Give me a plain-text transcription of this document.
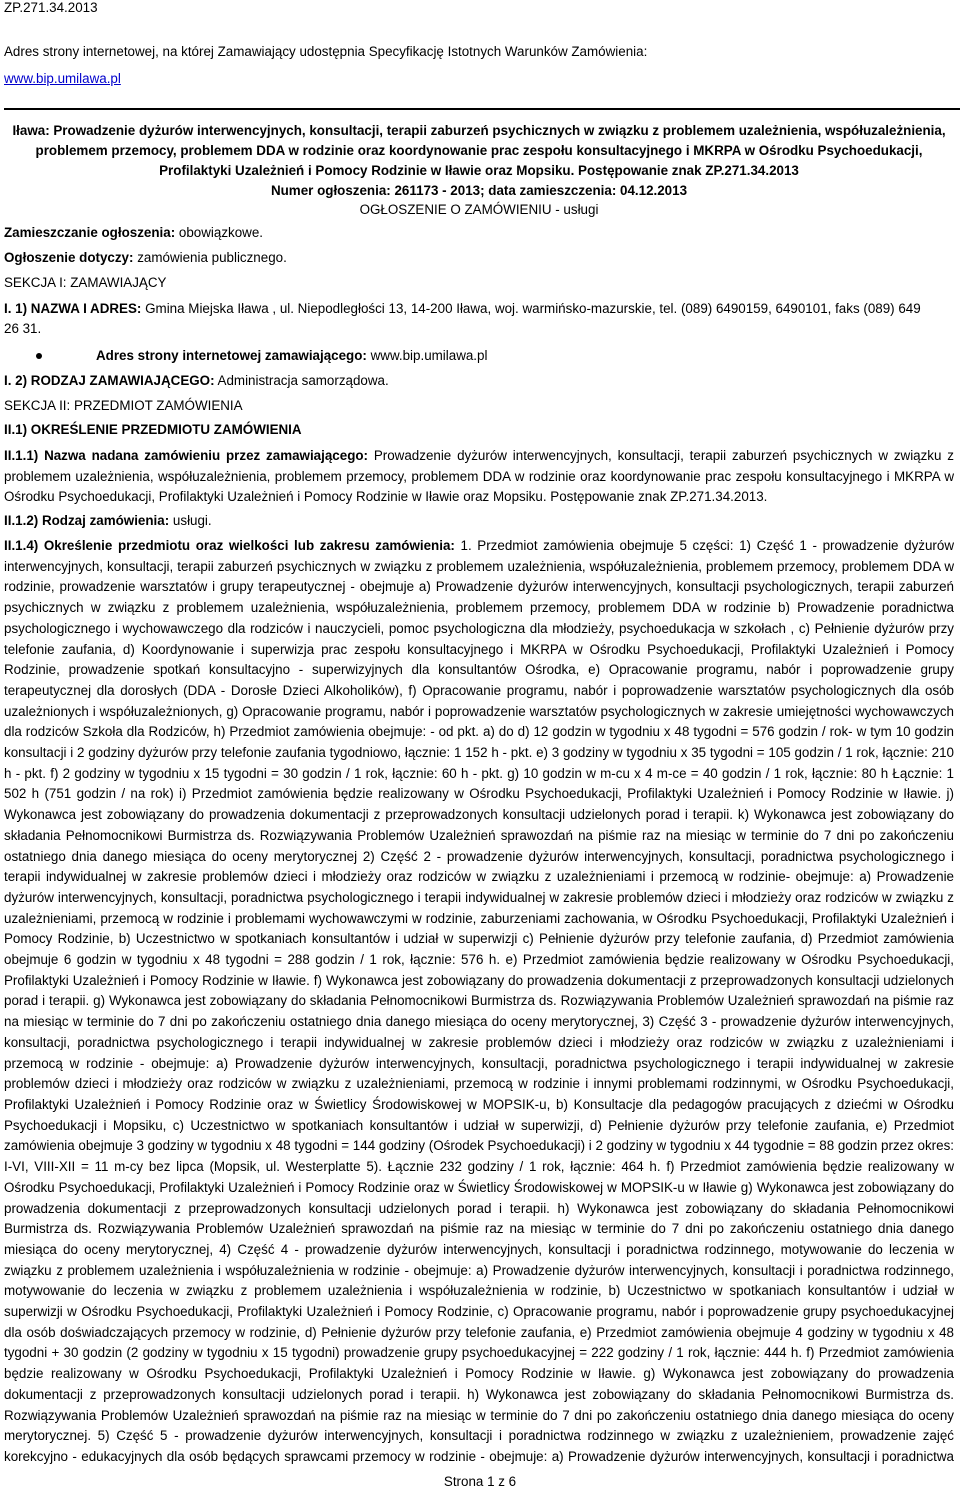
ZP.271.34.2013
Adres strony internetowej, na której Zamawiający udostępnia Specyfikację Istotnych Warunków Zamówienia:
www.bip.umilawa.pl
Iława: Prowadzenie dyżurów interwencyjnych, konsultacji, terapii zaburzeń psychicznych w związku z problemem uzależnienia, współuzależnienia, problemem przemocy, problemem DDA w rodzinie oraz koordynowanie prac zespołu konsultacyjnego i MKRPA w Ośrodku Psychoedukacji, Profilaktyki Uzależnień i Pomocy Rodzinie w Iławie oraz Mopsiku. Postępowanie znak ZP.271.34.2013
Numer ogłoszenia: 261173 - 2013; data zamieszczenia: 04.12.2013
OGŁOSZENIE O ZAMÓWIENIU - usługi
Zamieszczanie ogłoszenia: obowiązkowe.
Ogłoszenie dotyczy: zamówienia publicznego.
SEKCJA I: ZAMAWIAJĄCY
I. 1) NAZWA I ADRES: Gmina Miejska Iława , ul. Niepodległości 13, 14-200 Iława, woj. warmińsko-mazurskie, tel. (089) 6490159, 6490101, faks (089) 649
26 31.
Adres strony internetowej zamawiającego: www.bip.umilawa.pl
I. 2) RODZAJ ZAMAWIAJĄCEGO: Administracja samorządowa.
SEKCJA II: PRZEDMIOT ZAMÓWIENIA
II.1) OKREŚLENIE PRZEDMIOTU ZAMÓWIENIA
II.1.1) Nazwa nadana zamówieniu przez zamawiającego: Prowadzenie dyżurów interwencyjnych, konsultacji, terapii zaburzeń psychicznych w związku z problemem uzależnienia, współuzależnienia, problemem przemocy, problemem DDA w rodzinie oraz koordynowanie prac zespołu konsultacyjnego i MKRPA w Ośrodku Psychoedukacji, Profilaktyki Uzależnień i Pomocy Rodzinie w Iławie oraz Mopsiku. Postępowanie znak ZP.271.34.2013.
II.1.2) Rodzaj zamówienia: usługi.
II.1.4) Określenie przedmiotu oraz wielkości lub zakresu zamówienia: 1. Przedmiot zamówienia obejmuje 5 części: 1) Część 1 - prowadzenie dyżurów interwencyjnych, konsultacji, terapii zaburzeń psychicznych w związku z problemem uzależnienia, współuzależnienia, problemem przemocy, problemem DDA w rodzinie, prowadzenie warsztatów i grupy terapeutycznej - obejmuje a) Prowadzenie dyżurów interwencyjnych, konsultacji psychologicznych, terapii zaburzeń psychicznych w związku z problemem uzależnienia, współuzależnienia, problemem przemocy, problemem DDA w rodzinie b) Prowadzenie poradnictwa psychologicznego i wychowawczego dla rodziców i nauczycieli, pomoc psychologiczna dla młodzieży, psychoedukacja w szkołach , c) Pełnienie dyżurów przy telefonie zaufania, d) Koordynowanie i superwizja prac zespołu konsultacyjnego i MKRPA w Ośrodku Psychoedukacji, Profilaktyki Uzależnień i Pomocy Rodzinie, prowadzenie spotkań konsultacyjno - superwizyjnych dla konsultantów Ośrodka, e) Opracowanie programu, nabór i poprowadzenie grupy terapeutycznej dla dorosłych (DDA - Dorosłe Dzieci Alkoholików), f) Opracowanie programu, nabór i poprowadzenie warsztatów psychologicznych dla osób uzależnionych i współuzależnionych, g) Opracowanie programu, nabór i poprowadzenie warsztatów psychologicznych w zakresie umiejętności wychowawczych dla rodziców Szkoła dla Rodziców, h) Przedmiot zamówienia obejmuje: - od pkt. a) do d) 12 godzin w tygodniu x 48 tygodni = 576 godzin / rok- w tym 10 godzin konsultacji i 2 godziny dyżurów przy telefonie zaufania tygodniowo, łącznie: 1 152 h - pkt. e) 3 godziny w tygodniu x 35 tygodni = 105 godzin / 1 rok, łącznie: 210 h - pkt. f) 2 godziny w tygodniu x 15 tygodni = 30 godzin / 1 rok, łącznie: 60 h - pkt. g) 10 godzin w m-cu x 4 m-ce = 40 godzin / 1 rok, łącznie: 80 h Łącznie: 1 502 h (751 godzin / na rok) i) Przedmiot zamówienia będzie realizowany w Ośrodku Psychoedukacji, Profilaktyki Uzależnień i Pomocy Rodzinie w Iławie. j) Wykonawca jest zobowiązany do prowadzenia dokumentacji z przeprowadzonych konsultacji udzielonych porad i terapii. k) Wykonawca jest zobowiązany do składania Pełnomocnikowi Burmistrza ds. Rozwiązywania Problemów Uzależnień sprawozdań na piśmie raz na miesiąc w terminie do 7 dni po zakończeniu ostatniego dnia danego miesiąca do oceny merytorycznej 2) Część 2 - prowadzenie dyżurów interwencyjnych, konsultacji, poradnictwa psychologicznego i terapii indywidualnej w zakresie problemów dzieci i młodzieży oraz rodziców w związku z uzależnieniami i przemocą w rodzinie- obejmuje: a) Prowadzenie dyżurów interwencyjnych, konsultacji, poradnictwa psychologicznego i terapii indywidualnej w zakresie problemów dzieci i młodzieży oraz rodziców w związku z uzależnieniami, przemocą w rodzinie i problemami wychowawczymi w rodzinie, zaburzeniami zachowania, w Ośrodku Psychoedukacji, Profilaktyki Uzależnień i Pomocy Rodzinie, b) Uczestnictwo w spotkaniach konsultantów i udział w superwizji c) Pełnienie dyżurów przy telefonie zaufania, d) Przedmiot zamówienia obejmuje 6 godzin w tygodniu x 48 tygodni = 288 godzin / 1 rok, łącznie: 576 h. e) Przedmiot zamówienia będzie realizowany w Ośrodku Psychoedukacji, Profilaktyki Uzależnień i Pomocy Rodzinie w Iławie. f) Wykonawca jest zobowiązany do prowadzenia dokumentacji z przeprowadzonych konsultacji udzielonych porad i terapii. g) Wykonawca jest zobowiązany do składania Pełnomocnikowi Burmistrza ds. Rozwiązywania Problemów Uzależnień sprawozdań na piśmie raz na miesiąc w terminie do 7 dni po zakończeniu ostatniego dnia danego miesiąca do oceny merytorycznej, 3) Część 3 - prowadzenie dyżurów interwencyjnych, konsultacji, poradnictwa psychologicznego i terapii indywidualnej w zakresie problemów dzieci i młodzieży oraz rodziców w związku z uzależnieniami i przemocą w rodzinie - obejmuje: a) Prowadzenie dyżurów interwencyjnych, konsultacji, poradnictwa psychologicznego i terapii indywidualnej w zakresie problemów dzieci i młodzieży oraz rodziców w związku z uzależnieniami, przemocą w rodzinie i innymi problemami rodzinnymi, w Ośrodku Psychoedukacji, Profilaktyki Uzależnień i Pomocy Rodzinie oraz w Świetlicy Środowiskowej w MOPSIK-u, b) Konsultacje dla pedagogów pracujących z dziećmi w Ośrodku Psychoedukacji i Mopsiku, c) Uczestnictwo w spotkaniach konsultantów i udział w superwizji, d) Pełnienie dyżurów przy telefonie zaufania, e) Przedmiot zamówienia obejmuje 3 godziny w tygodniu x 48 tygodni = 144 godziny (Ośrodek Psychoedukacji) i 2 godziny w tygodniu x 44 tygodnie = 88 godzin przez okres: I-VI, VIII-XII = 11 m-cy bez lipca (Mopsik, ul. Westerplatte 5). Łącznie 232 godziny / 1 rok, łącznie: 464 h. f) Przedmiot zamówienia będzie realizowany w Ośrodku Psychoedukacji, Profilaktyki Uzależnień i Pomocy Rodzinie oraz w Świetlicy Środowiskowej w MOPSIK-u w Iławie g) Wykonawca jest zobowiązany do prowadzenia dokumentacji z przeprowadzonych konsultacji udzielonych porad i terapii. h) Wykonawca jest zobowiązany do składania Pełnomocnikowi Burmistrza ds. Rozwiązywania Problemów Uzależnień sprawozdań na piśmie raz na miesiąc w terminie do 7 dni po zakończeniu ostatniego dnia danego miesiąca do oceny merytorycznej, 4) Część 4 - prowadzenie dyżurów interwencyjnych, konsultacji i poradnictwa rodzinnego, motywowanie do leczenia w związku z problemem uzależnienia i współuzależnienia w rodzinie - obejmuje: a) Prowadzenie dyżurów interwencyjnych, konsultacji i poradnictwa rodzinnego, motywowanie do leczenia w związku z problemem uzależnienia i współuzależnienia w rodzinie, b) Uczestnictwo w spotkaniach konsultantów i udział w superwizji w Ośrodku Psychoedukacji, Profilaktyki Uzależnień i Pomocy Rodzinie, c) Opracowanie programu, nabór i poprowadzenie grupy psychoedukacyjnej dla osób doświadczających przemocy w rodzinie, d) Pełnienie dyżurów przy telefonie zaufania, e) Przedmiot zamówienia obejmuje 4 godziny w tygodniu x 48 tygodni + 30 godzin (2 godziny w tygodniu x 15 tygodni) prowadzenie grupy psychoedukacyjnej = 222 godziny / 1 rok, łącznie: 444 h. f) Przedmiot zamówienia będzie realizowany w Ośrodku Psychoedukacji, Profilaktyki Uzależnień i Pomocy Rodzinie w Iławie. g) Wykonawca jest zobowiązany do prowadzenia dokumentacji z przeprowadzonych konsultacji udzielonych porad i terapii. h) Wykonawca jest zobowiązany do składania Pełnomocnikowi Burmistrza ds. Rozwiązywania Problemów Uzależnień sprawozdań na piśmie raz na miesiąc w terminie do 7 dni po zakończeniu ostatniego dnia danego miesiąca do oceny merytorycznej. 5) Część 5 - prowadzenie dyżurów interwencyjnych, konsultacji i poradnictwa rodzinnego w związku z uzależnieniem, prowadzenie zajęć korekcyjno - edukacyjnych dla osób będących sprawcami przemocy w rodzinie - obejmuje: a) Prowadzenie dyżurów interwencyjnych, konsultacji i poradnictwa
Strona 1 z 6
